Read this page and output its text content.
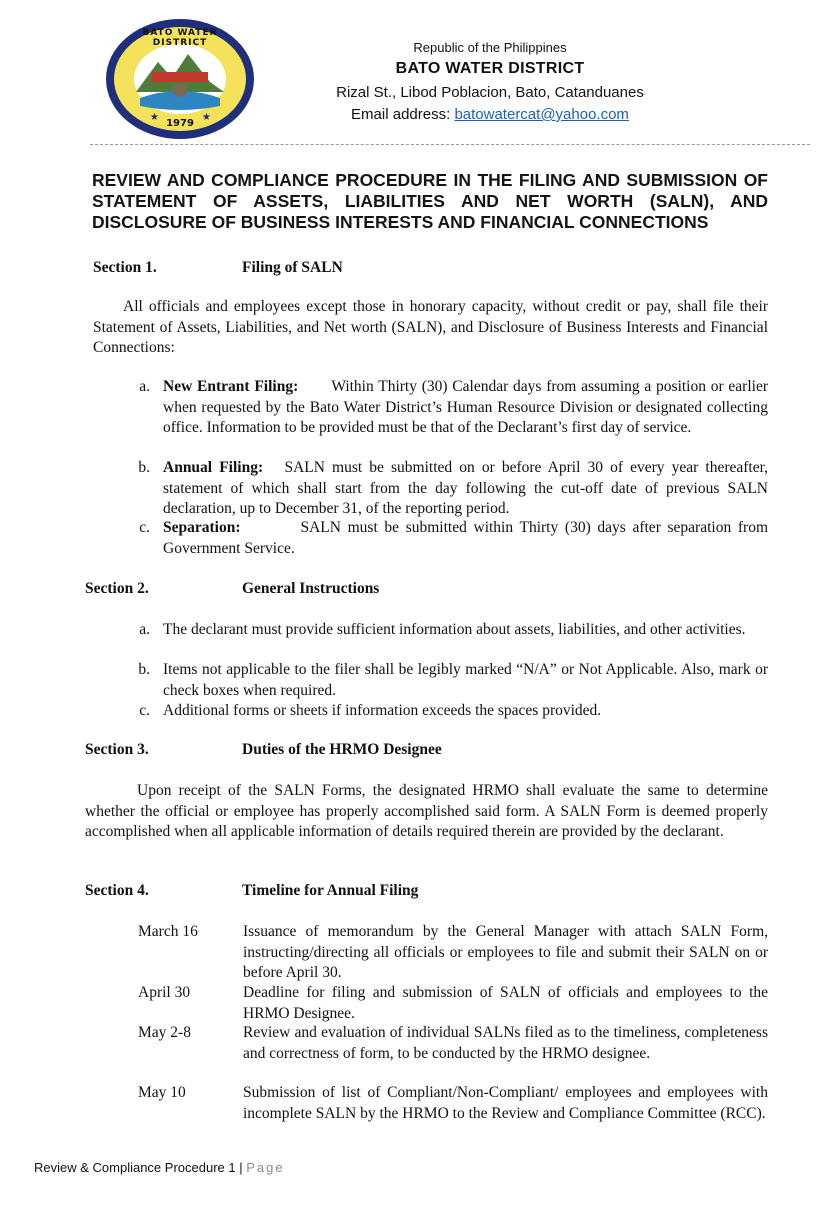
★	★
BATO WATER DISTRICT
1979
Republic of the Philippines
BATO WATER DISTRICT
Rizal St., Libod Poblacion, Bato, Catanduanes
Email address: batowatercat@yahoo.com
REVIEW AND COMPLIANCE PROCEDURE IN THE FILING AND SUBMISSION OF STATEMENT OF ASSETS, LIABILITIES AND NET WORTH (SALN), AND DISCLOSURE OF BUSINESS INTERESTS AND FINANCIAL CONNECTIONS
Section 1.	Filing of SALN
All officials and employees except those in honorary capacity, without credit or pay, shall file their Statement of Assets, Liabilities, and Net worth (SALN), and Disclosure of Business Interests and Financial Connections:
a. New Entrant Filing: Within Thirty (30) Calendar days from assuming a position or earlier when requested by the Bato Water District’s Human Resource Division or designated collecting office. Information to be provided must be that of the Declarant’s first day of service.
b. Annual Filing: SALN must be submitted on or before April 30 of every year thereafter, statement of which shall start from the day following the cut-off date of previous SALN declaration, up to December 31, of the reporting period.
c. Separation:	SALN must be submitted within Thirty (30) days after separation from Government Service.
Section 2.	General Instructions
a. The declarant must provide sufficient information about assets, liabilities, and other activities.
b. Items not applicable to the filer shall be legibly marked “N/A” or Not Applicable. Also, mark or check boxes when required.
c. Additional forms or sheets if information exceeds the spaces provided.
Section 3.	Duties of the HRMO Designee
Upon receipt of the SALN Forms, the designated HRMO shall evaluate the same to determine whether the official or employee has properly accomplished said form. A SALN Form is deemed properly accomplished when all applicable information of details required therein are provided by the declarant.
Section 4.	Timeline for Annual Filing
March 16	Issuance of memorandum by the General Manager with attach SALN Form, instructing/directing all officials or employees to file and submit their SALN on or before April 30.
April 30	Deadline for filing and submission of SALN of officials and employees to the HRMO Designee.
May 2-8	Review and evaluation of individual SALNs filed as to the timeliness, completeness and correctness of form, to be conducted by the HRMO designee.
May 10	Submission of list of Compliant/Non-Compliant/ employees and employees with incomplete SALN by the HRMO to the Review and Compliance Committee (RCC).
Review & Compliance Procedure 1 | Page
